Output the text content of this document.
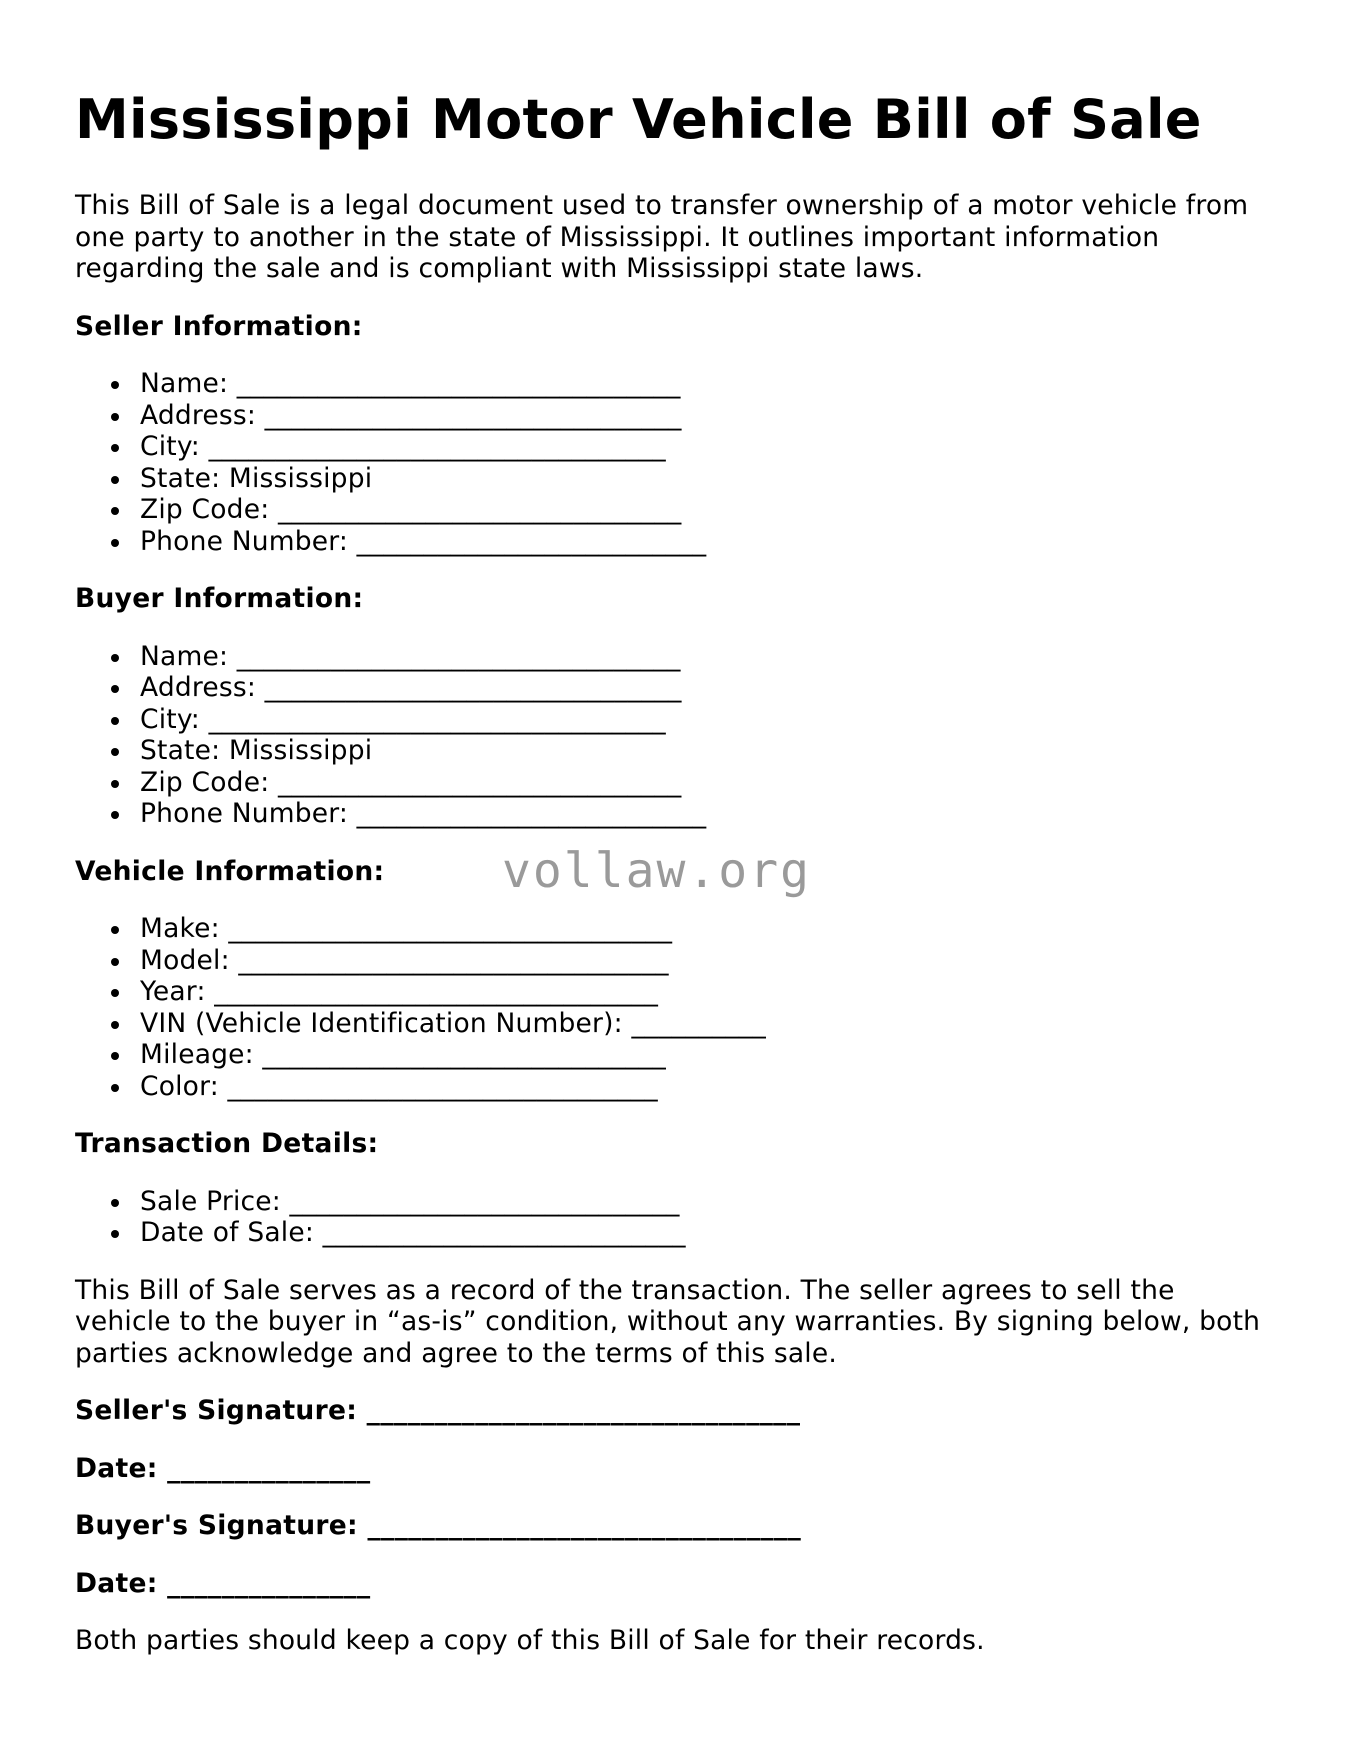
Mississippi Motor Vehicle Bill of Sale

This Bill of Sale is a legal document used to transfer ownership of a motor vehicle from one party to another in the state of Mississippi. It outlines important information regarding the sale and is compliant with Mississippi state laws.

Seller Information:
Name: _________________________________
Address: _______________________________
City: __________________________________
State: Mississippi
Zip Code: ______________________________
Phone Number: __________________________
Buyer Information:
Name: _________________________________
Address: _______________________________
City: __________________________________
State: Mississippi
Zip Code: ______________________________
Phone Number: __________________________
Vehicle Information:
Make: _________________________________
Model: ________________________________
Year: _________________________________
VIN (Vehicle Identification Number): __________
Mileage: ______________________________
Color: ________________________________
Transaction Details:
Sale Price: _____________________________
Date of Sale: ___________________________

This Bill of Sale serves as a record of the transaction. The seller agrees to sell the vehicle to the buyer in “as-is” condition, without any warranties. By signing below, both parties acknowledge and agree to the terms of this sale.

Seller's Signature: ________________________________
Date: _______________
Buyer's Signature: ________________________________
Date: _______________

Both parties should keep a copy of this Bill of Sale for their records.

vollaw.org
